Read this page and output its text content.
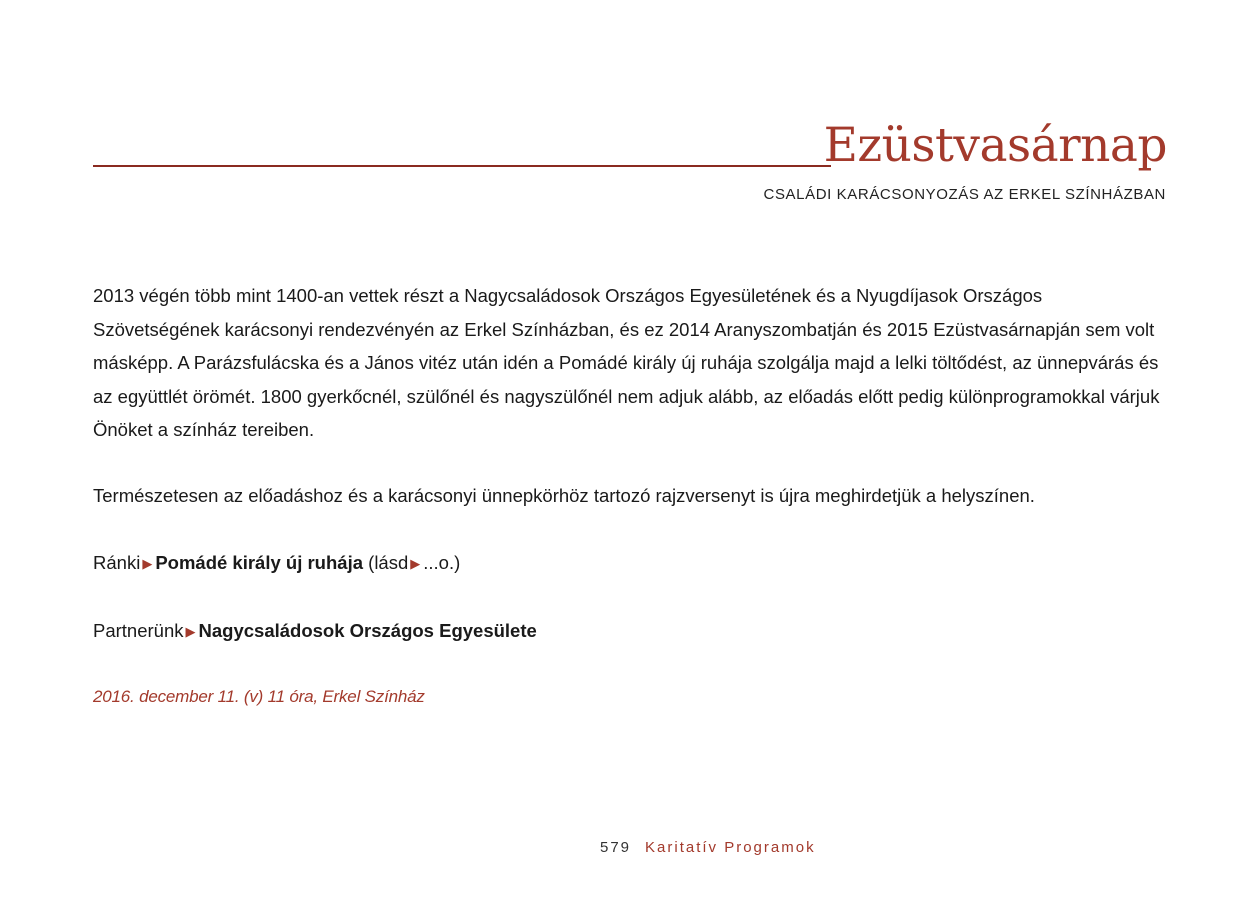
Ezüstvasárnap
CSALÁDI KARÁCSONYOZÁS AZ ERKEL SZÍNHÁZBAN

2013 végén több mint 1400-an vettek részt a Nagycsaládosok Országos Egyesületének és a Nyugdíjasok Országos Szövetségének karácsonyi rendezvényén az Erkel Színházban, és ez 2014 Aranyszombatján és 2015 Ezüstvasárnapján sem volt másképp. A Parázsfulácska és a János vitéz után idén a Pomádé király új ruhája szolgálja majd a lelki töltődést, az ünnepvárás és az együttlét örömét. 1800 gyerkőcnél, szülőnél és nagyszülőnél nem adjuk alább, az előadás előtt pedig különprogramokkal várjuk Önöket a színház tereiben.

Természetesen az előadáshoz és a karácsonyi ünnepkörhöz tartozó rajzversenyt is újra meghirdetjük a helyszínen.

Ránki ▶ Pomádé király új ruhája (lásd ▶ ...o.)
Partnerünk ▶ Nagycsaládosok Országos Egyesülete
2016. december 11. (v) 11 óra, Erkel Színház
579 Karitatív Programok
